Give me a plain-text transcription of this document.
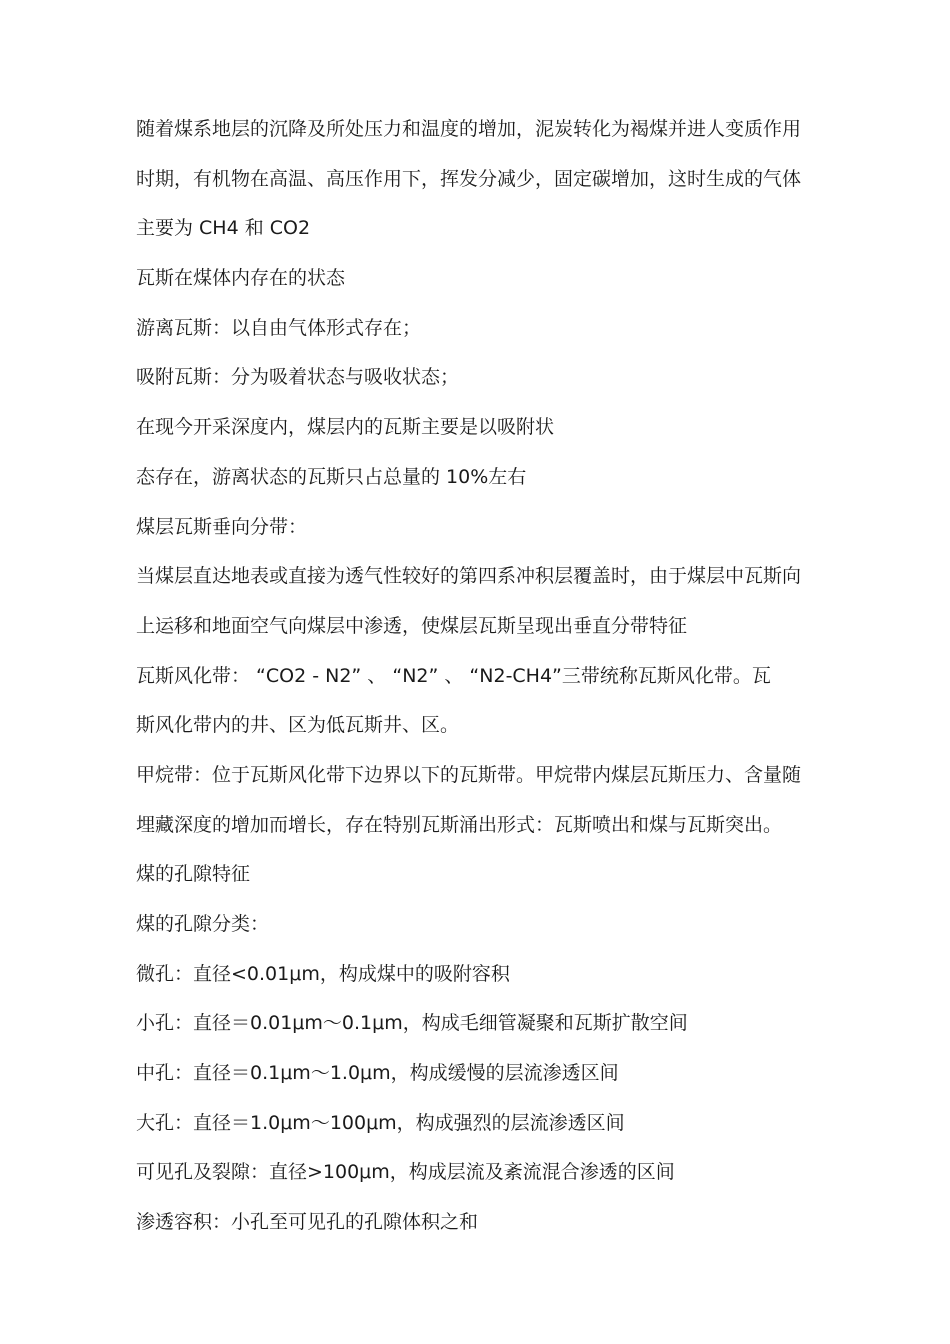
随着煤系地层的沉降及所处压力和温度的增加，泥炭转化为褐煤并进人变质作用
时期，有机物在高温、高压作用下，挥发分减少，固定碳增加，这时生成的气体
主要为 CH4 和 CO2
瓦斯在煤体内存在的状态
游离瓦斯：以自由气体形式存在；
吸附瓦斯：分为吸着状态与吸收状态；
在现今开采深度内，煤层内的瓦斯主要是以吸附状
态存在，游离状态的瓦斯只占总量的 10%左右
煤层瓦斯垂向分带：
当煤层直达地表或直接为透气性较好的第四系冲积层覆盖时，由于煤层中瓦斯向
上运移和地面空气向煤层中渗透，使煤层瓦斯呈现出垂直分带特征
瓦斯风化带： “CO2 - N2” 、 “N2” 、 “N2-CH4”三带统称瓦斯风化带。瓦
斯风化带内的井、区为低瓦斯井、区。
甲烷带：位于瓦斯风化带下边界以下的瓦斯带。甲烷带内煤层瓦斯压力、含量随
埋藏深度的增加而增长，存在特别瓦斯涌出形式：瓦斯喷出和煤与瓦斯突出。
煤的孔隙特征
煤的孔隙分类：
微孔：直径<0.01μm，构成煤中的吸附容积
小孔：直径＝0.01μm～0.1μm，构成毛细管凝聚和瓦斯扩散空间
中孔：直径＝0.1μm～1.0μm，构成缓慢的层流渗透区间
大孔：直径＝1.0μm～100μm，构成强烈的层流渗透区间
可见孔及裂隙：直径>100μm，构成层流及紊流混合渗透的区间
渗透容积：小孔至可见孔的孔隙体积之和
